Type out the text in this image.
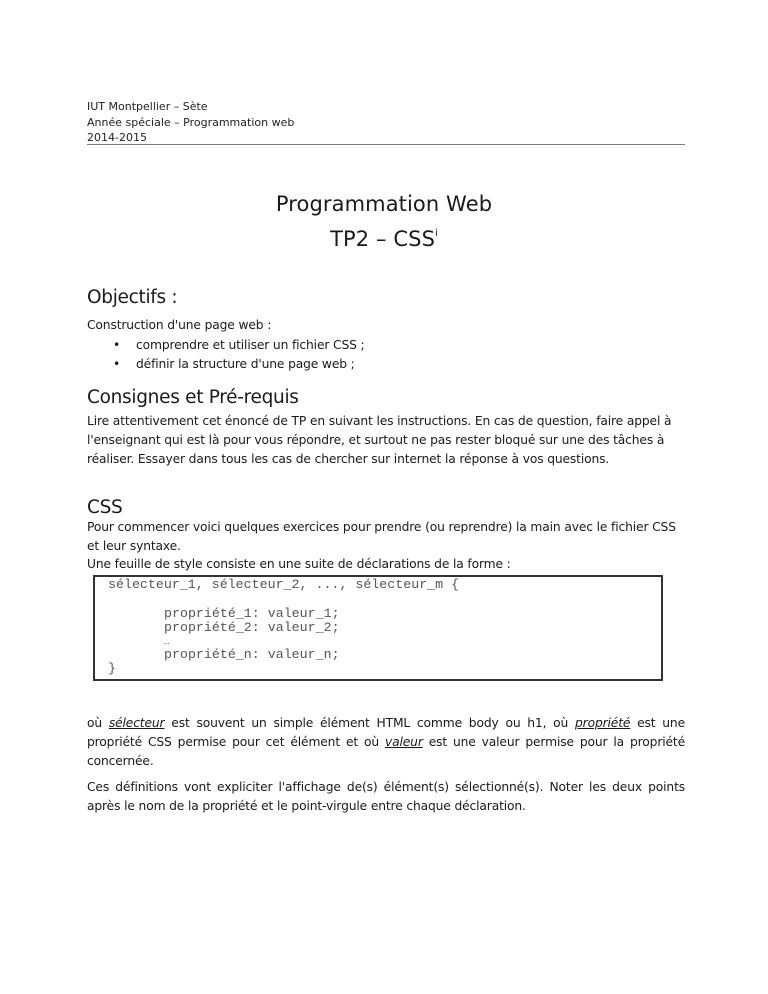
IUT Montpellier – Sète
Année spéciale – Programmation web
2014-2015
Programmation Web
TP2 – CSS$^i$
Objectifs :
Construction d'une page web :
• comprendre et utiliser un fichier CSS ;
• définir la structure d'une page web ;
Consignes et Pré-requis
Lire attentivement cet énoncé de TP en suivant les instructions. En cas de question, faire appel à l'enseignant qui est là pour vous répondre, et surtout ne pas rester bloqué sur une des tâches à réaliser. Essayer dans tous les cas de chercher sur internet la réponse à vos questions.
CSS
Pour commencer voici quelques exercices pour prendre (ou reprendre) la main avec le fichier CSS et leur syntaxe.
Une feuille de style consiste en une suite de déclarations de la forme :
sélecteur_1, sélecteur_2, ..., sélecteur_m {
propriété_1: valeur_1;
propriété_2: valeur_2;
…
propriété_n: valeur_n;
}
où sélecteur est souvent un simple élément HTML comme body ou h1, où propriété est une propriété CSS permise pour cet élément et où valeur est une valeur permise pour la propriété concernée.
Ces définitions vont expliciter l'affichage de(s) élément(s) sélectionné(s). Noter les deux points après le nom de la propriété et le point-virgule entre chaque déclaration.
